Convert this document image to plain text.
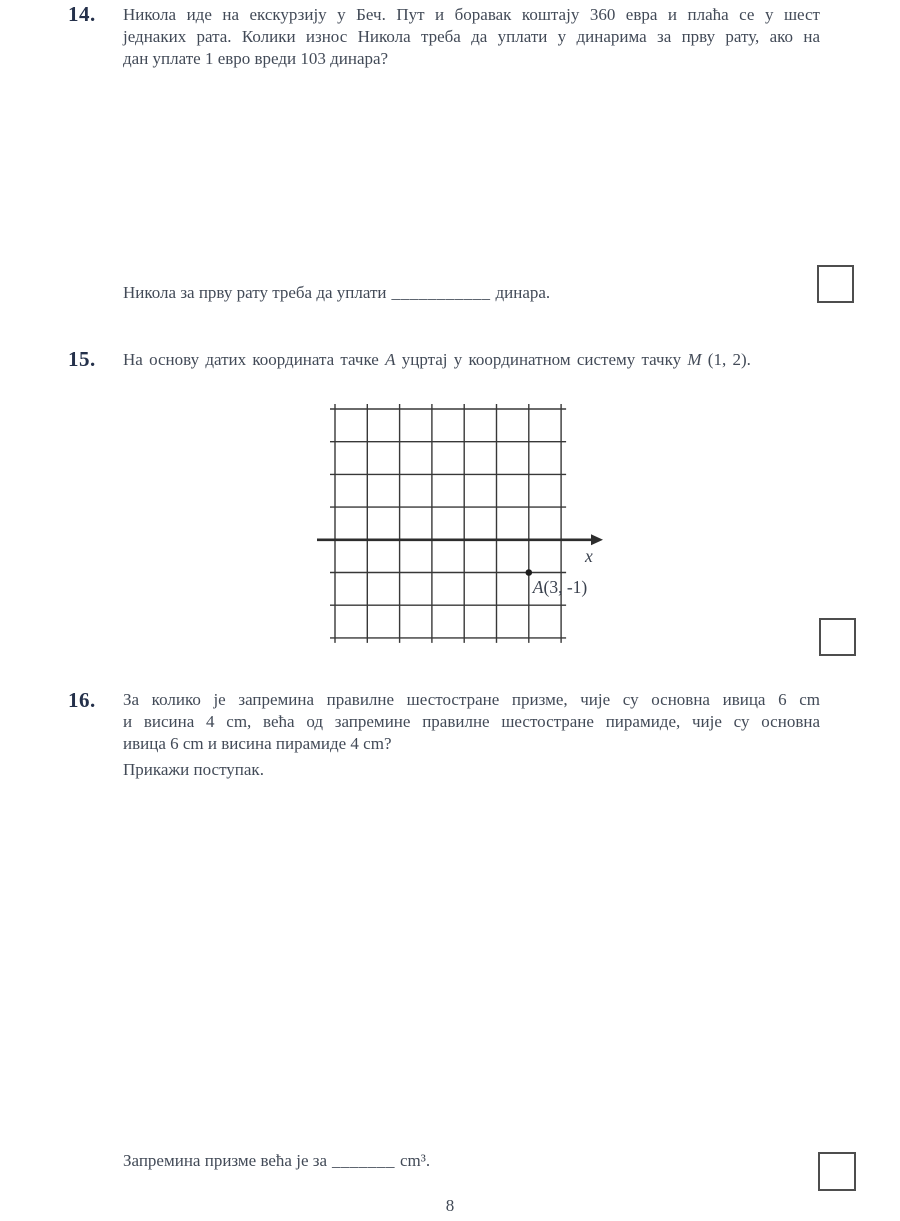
14. Никола иде на екскурзију у Беч. Пут и боравак коштају 360 евра и плаћа се у шест
једнаких рата. Колики износ Никола треба да уплати у динарима за прву рату, ако на
дан уплате 1 евро вреди 103 динара?
Никола за прву рату треба да уплати ___________ динара.
15. На основу датих координата тачке A уцртај у координатном систему тачку M (1, 2).
x
A(3, -1)
16. За колико је запремина правилне шестостране призме, чије су основна ивица 6 cm
и висина 4 cm, већа од запремине правилне шестостране пирамиде, чије су основна
ивица 6 cm и висина пирамиде 4 cm?
Прикажи поступак.
Запремина призме већа је за _______ cm³.
8
